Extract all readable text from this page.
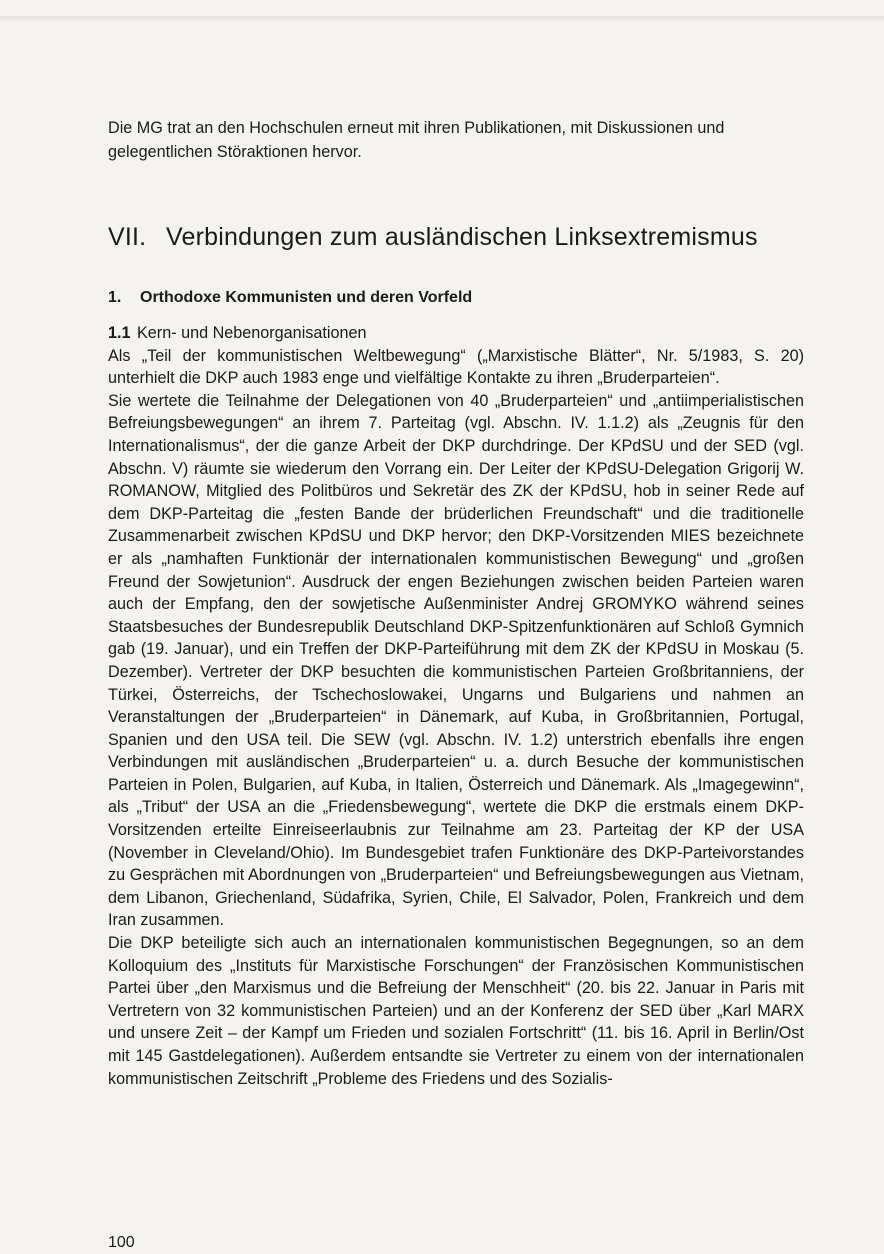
Die MG trat an den Hochschulen erneut mit ihren Publikationen, mit Diskussionen und gelegentlichen Störaktionen hervor.

VII. Verbindungen zum ausländischen Linksextremismus
1. Orthodoxe Kommunisten und deren Vorfeld

1.1 Kern- und Nebenorganisationen

Als „Teil der kommunistischen Weltbewegung“ („Marxistische Blätter“, Nr. 5/1983, S. 20) unterhielt die DKP auch 1983 enge und vielfältige Kontakte zu ihren „Bruderparteien“.

Sie wertete die Teilnahme der Delegationen von 40 „Bruderparteien“ und „antiimperialistischen Befreiungsbewegungen“ an ihrem 7. Parteitag (vgl. Abschn. IV. 1.1.2) als „Zeugnis für den Internationalismus“, der die ganze Arbeit der DKP durchdringe. Der KPdSU und der SED (vgl. Abschn. V) räumte sie wiederum den Vorrang ein. Der Leiter der KPdSU-Delegation Grigorij W. ROMANOW, Mitglied des Politbüros und Sekretär des ZK der KPdSU, hob in seiner Rede auf dem DKP-Parteitag die „festen Bande der brüderlichen Freundschaft“ und die traditionelle Zusammenarbeit zwischen KPdSU und DKP hervor; den DKP-Vorsitzenden MIES bezeichnete er als „namhaften Funktionär der internationalen kommunistischen Bewegung“ und „großen Freund der Sowjetunion“. Ausdruck der engen Beziehungen zwischen beiden Parteien waren auch der Empfang, den der sowjetische Außenminister Andrej GROMYKO während seines Staatsbesuches der Bundesrepublik Deutschland DKP-Spitzenfunktionären auf Schloß Gymnich gab (19. Januar), und ein Treffen der DKP-Parteiführung mit dem ZK der KPdSU in Moskau (5. Dezember). Vertreter der DKP besuchten die kommunistischen Parteien Großbritanniens, der Türkei, Österreichs, der Tschechoslowakei, Ungarns und Bulgariens und nahmen an Veranstaltungen der „Bruderparteien“ in Dänemark, auf Kuba, in Großbritannien, Portugal, Spanien und den USA teil. Die SEW (vgl. Abschn. IV. 1.2) unterstrich ebenfalls ihre engen Verbindungen mit ausländischen „Bruderparteien“ u. a. durch Besuche der kommunistischen Parteien in Polen, Bulgarien, auf Kuba, in Italien, Österreich und Dänemark. Als „Imagegewinn“, als „Tribut“ der USA an die „Friedensbewegung“, wertete die DKP die erstmals einem DKP-Vorsitzenden erteilte Einreiseerlaubnis zur Teilnahme am 23. Parteitag der KP der USA (November in Cleveland/Ohio). Im Bundesgebiet trafen Funktionäre des DKP-Parteivorstandes zu Gesprächen mit Abordnungen von „Bruderparteien“ und Befreiungsbewegungen aus Vietnam, dem Libanon, Griechenland, Südafrika, Syrien, Chile, El Salvador, Polen, Frankreich und dem Iran zusammen.

Die DKP beteiligte sich auch an internationalen kommunistischen Begegnungen, so an dem Kolloquium des „Instituts für Marxistische Forschungen“ der Französischen Kommunistischen Partei über „den Marxismus und die Befreiung der Menschheit“ (20. bis 22. Januar in Paris mit Vertretern von 32 kommunistischen Parteien) und an der Konferenz der SED über „Karl MARX und unsere Zeit – der Kampf um Frieden und sozialen Fortschritt“ (11. bis 16. April in Berlin/Ost mit 145 Gastdelegationen). Außerdem entsandte sie Vertreter zu einem von der internationalen kommunistischen Zeitschrift „Probleme des Friedens und des Sozialis-

100
